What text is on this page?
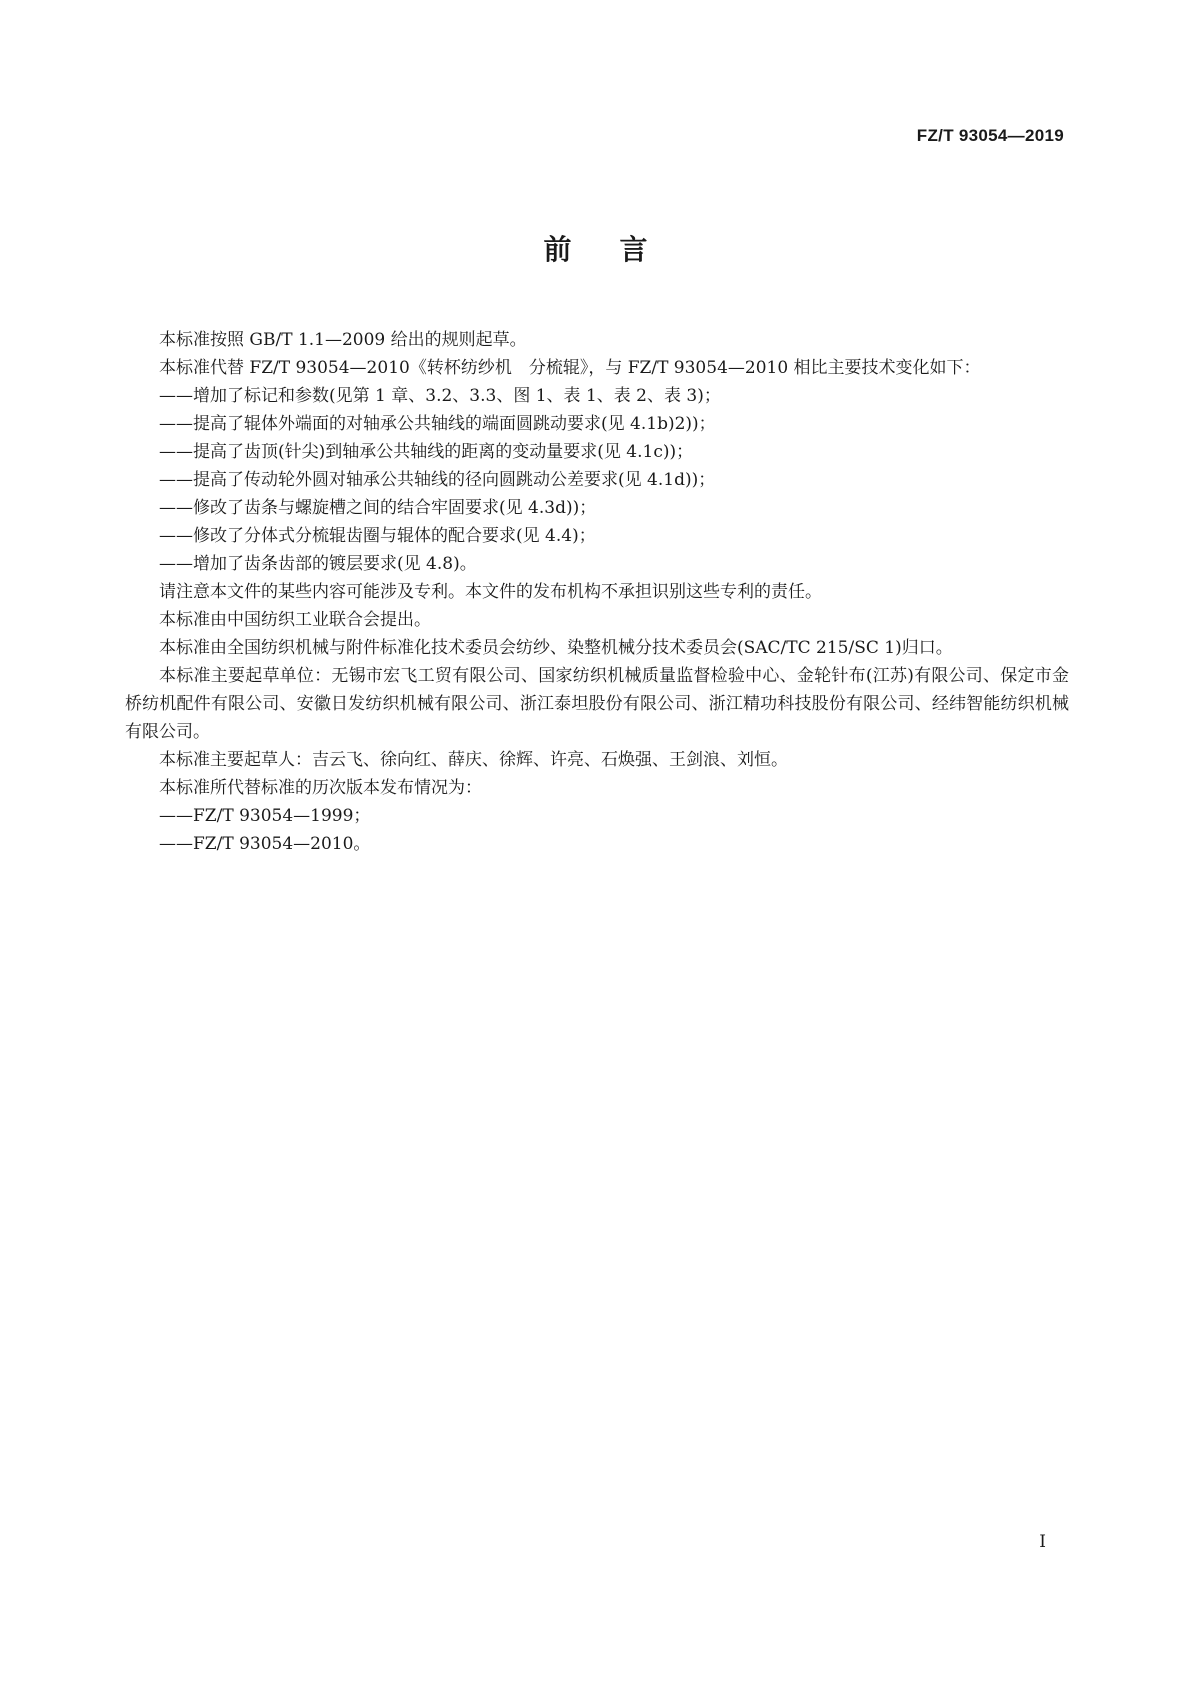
FZ/T 93054—2019
前言

本标准按照 GB/T 1.1—2009 给出的规则起草。

本标准代替 FZ/T 93054—2010《转杯纺纱机　分梳辊》，与 FZ/T 93054—2010 相比主要技术变化如下：

——增加了标记和参数(见第 1 章、3.2、3.3、图 1、表 1、表 2、表 3)；

——提高了辊体外端面的对轴承公共轴线的端面圆跳动要求(见 4.1b)2))；

——提高了齿顶(针尖)到轴承公共轴线的距离的变动量要求(见 4.1c))；

——提高了传动轮外圆对轴承公共轴线的径向圆跳动公差要求(见 4.1d))；

——修改了齿条与螺旋槽之间的结合牢固要求(见 4.3d))；

——修改了分体式分梳辊齿圈与辊体的配合要求(见 4.4)；

——增加了齿条齿部的镀层要求(见 4.8)。

请注意本文件的某些内容可能涉及专利。本文件的发布机构不承担识别这些专利的责任。

本标准由中国纺织工业联合会提出。

本标准由全国纺织机械与附件标准化技术委员会纺纱、染整机械分技术委员会(SAC/TC 215/SC 1)归口。

本标准主要起草单位：无锡市宏飞工贸有限公司、国家纺织机械质量监督检验中心、金轮针布(江苏)有限公司、保定市金桥纺机配件有限公司、安徽日发纺织机械有限公司、浙江泰坦股份有限公司、浙江精功科技股份有限公司、经纬智能纺织机械有限公司。

本标准主要起草人：吉云飞、徐向红、薛庆、徐辉、许亮、石焕强、王剑浪、刘恒。

本标准所代替标准的历次版本发布情况为：

——FZ/T 93054—1999；

——FZ/T 93054—2010。

I
